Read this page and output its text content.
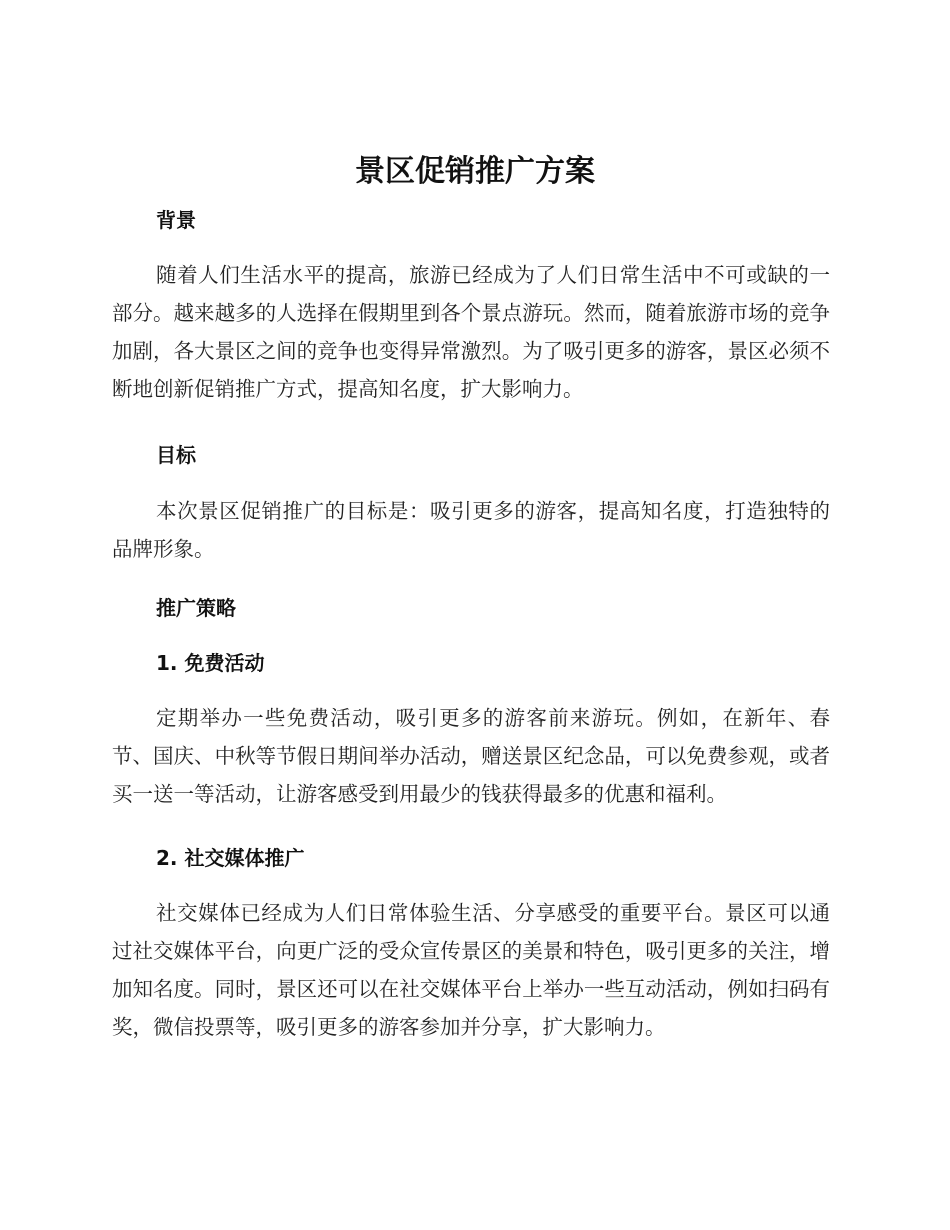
景区促销推广方案
背景

随着人们生活水平的提高，旅游已经成为了人们日常生活中不可或缺的一部分。越来越多的人选择在假期里到各个景点游玩。然而，随着旅游市场的竞争加剧，各大景区之间的竞争也变得异常激烈。为了吸引更多的游客，景区必须不断地创新促销推广方式，提高知名度，扩大影响力。

目标

本次景区促销推广的目标是：吸引更多的游客，提高知名度，打造独特的品牌形象。

推广策略
1. 免费活动

定期举办一些免费活动，吸引更多的游客前来游玩。例如，在新年、春节、国庆、中秋等节假日期间举办活动，赠送景区纪念品，可以免费参观，或者买一送一等活动，让游客感受到用最少的钱获得最多的优惠和福利。

2. 社交媒体推广

社交媒体已经成为人们日常体验生活、分享感受的重要平台。景区可以通过社交媒体平台，向更广泛的受众宣传景区的美景和特色，吸引更多的关注，增加知名度。同时，景区还可以在社交媒体平台上举办一些互动活动，例如扫码有奖，微信投票等，吸引更多的游客参加并分享，扩大影响力。
